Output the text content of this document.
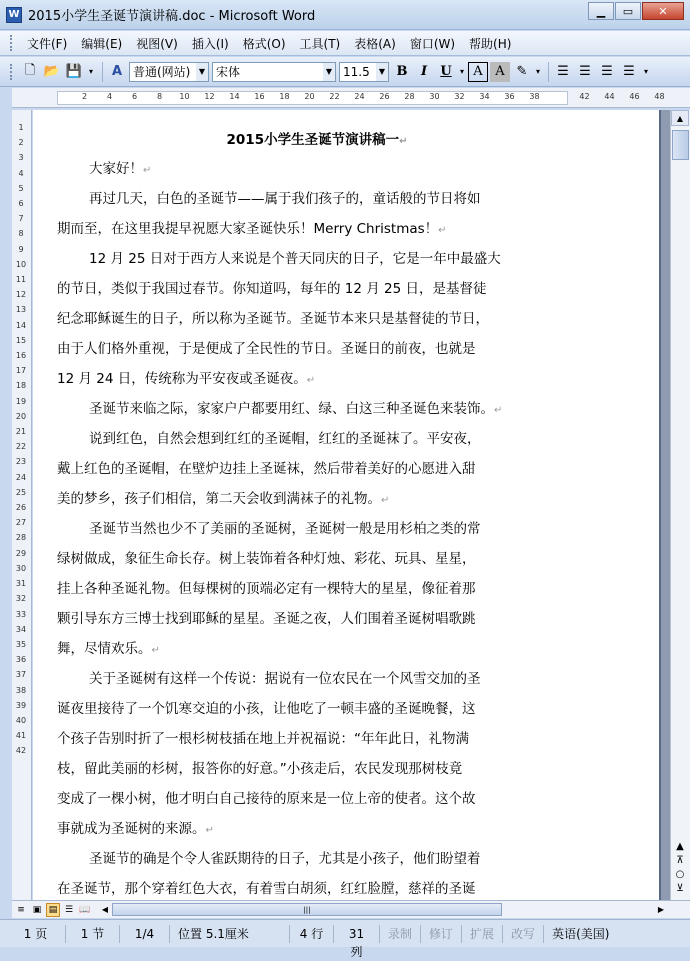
W 2015小学生圣诞节演讲稿.doc - Microsoft Word	▁	▭	✕
文件(F)	编辑(E)	视图(V)	插入(I)	格式(O)	工具(T)	表格(A)	窗口(W)	帮助(H)
🗋 📂 💾 ▾	A 普通(网站)	▼ 宋体	▼ 11.5	▼ B	I	U	▾ A A ✎	▾	☰ ☰ ☰ ☰	▾
2 4 6 8 10 12 14 16 18 20 22 24 26 28 30 32 34 36 38	42 44 46 48
1
2
3
4
5
6
7
8
9
10
11
12
13
14
15
16
17
18
19
20
21
22
23
24
25
26
27
28
29
30
31
32
33
34
35
36
37
38
39
40
41
42
2015小学生圣诞节演讲稿一↵
大家好！↵
再过几天，白色的圣诞节——属于我们孩子的，童话般的节日将如
期而至，在这里我提早祝愿大家圣诞快乐！Merry Christmas！↵
12 月 25 日对于西方人来说是个普天同庆的日子，它是一年中最盛大
的节日，类似于我国过春节。你知道吗，每年的 12 月 25 日，是基督徒
纪念耶稣诞生的日子，所以称为圣诞节。圣诞节本来只是基督徒的节日，
由于人们格外重视，于是便成了全民性的节日。圣诞日的前夜，也就是
12 月 24 日，传统称为平安夜或圣诞夜。↵
圣诞节来临之际，家家户户都要用红、绿、白这三种圣诞色来装饰。↵
说到红色，自然会想到红红的圣诞帽，红红的圣诞袜了。平安夜，
戴上红色的圣诞帽，在壁炉边挂上圣诞袜，然后带着美好的心愿进入甜
美的梦乡，孩子们相信，第二天会收到满袜子的礼物。↵
圣诞节当然也少不了美丽的圣诞树，圣诞树一般是用杉柏之类的常
绿树做成，象征生命长存。树上装饰着各种灯烛、彩花、玩具、星星，
挂上各种圣诞礼物。但每棵树的顶端必定有一棵特大的星星，像征着那
颗引导东方三博士找到耶稣的星星。圣诞之夜，人们围着圣诞树唱歌跳
舞，尽情欢乐。↵
关于圣诞树有这样一个传说：据说有一位农民在一个风雪交加的圣
诞夜里接待了一个饥寒交迫的小孩，让他吃了一顿丰盛的圣诞晚餐，这
个孩子告别时折了一根杉树枝插在地上并祝福说：“年年此日，礼物满
枝，留此美丽的杉树，报答你的好意。”小孩走后，农民发现那树枝竟
变成了一棵小树，他才明白自己接待的原来是一位上帝的使者。这个故
事就成为圣诞树的来源。↵
圣诞节的确是个令人雀跃期待的日子，尤其是小孩子，他们盼望着
在圣诞节，那个穿着红色大衣，有着雪白胡须，红红脸膛，慈祥的圣诞
▲
▲
⊼
○
⊻
≡ ▣ ▤ ☰ 📖	◀	|||	▶
1 页	1 节	1/4	位置 5.1厘米	4 行	31 列
录制	修订	扩展	改写	英语(美国)
